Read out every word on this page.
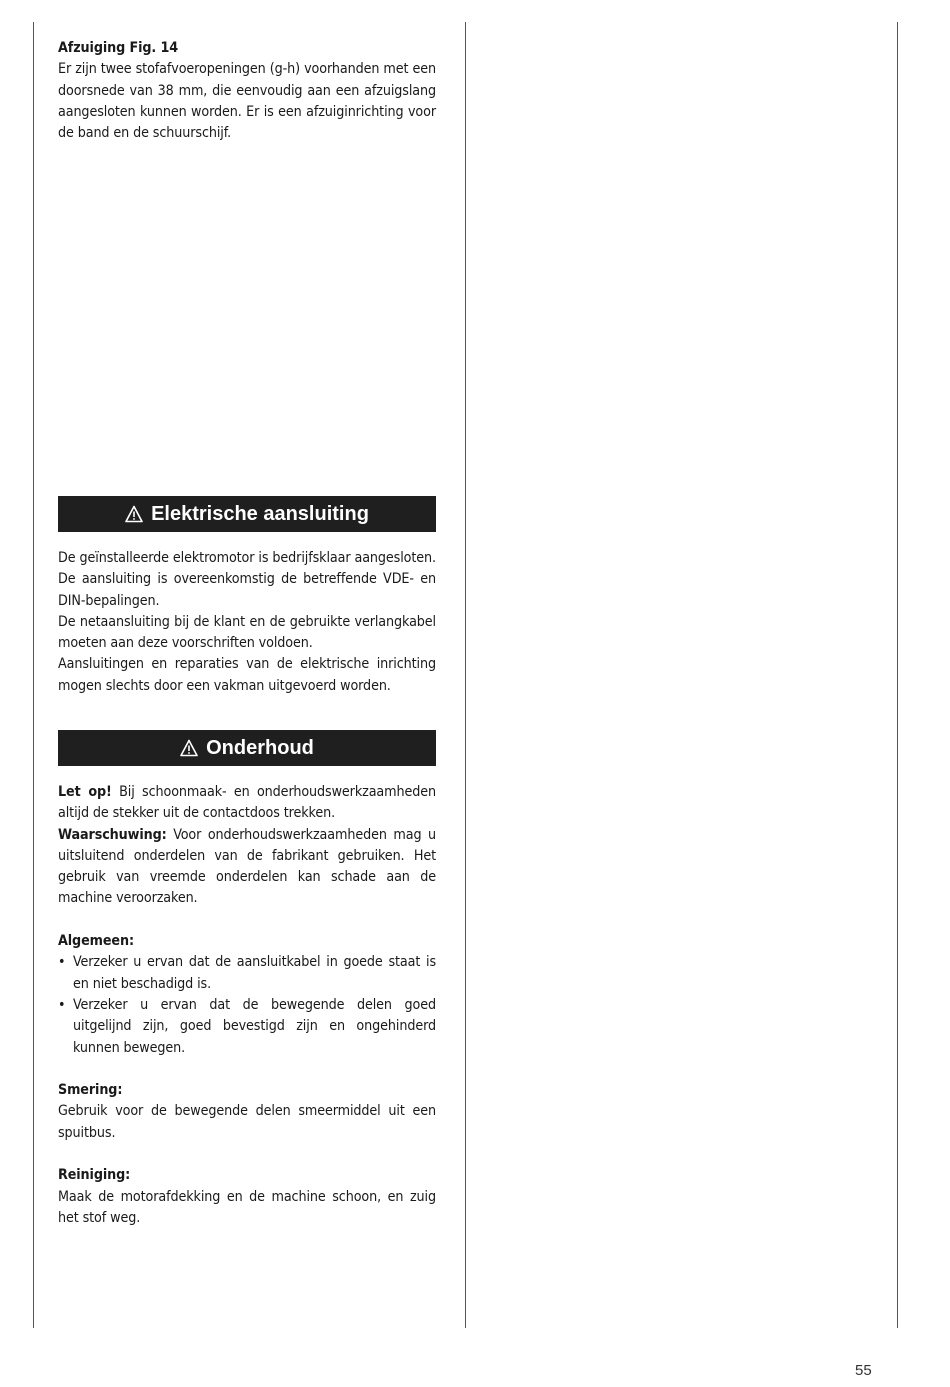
Afzuiging Fig. 14

Er zijn twee stofafvoeropeningen (g-h) voorhanden met een doorsnede van 38 mm, die eenvoudig aan een afzuigslang aangesloten kunnen worden. Er is een afzuiginrichting voor de band en de schuurschijf.

Elektrische aansluiting

De geïnstalleerde elektromotor is bedrijfsklaar aangesloten. De aansluiting is overeenkomstig de betreffende VDE- en DIN-bepalingen.

De netaansluiting bij de klant en de gebruikte verlangkabel moeten aan deze voorschriften voldoen.

Aansluitingen en reparaties van de elektrische inrichting mogen slechts door een vakman uitgevoerd worden.

Onderhoud

Let op! Bij schoonmaak- en onderhoudswerkzaamheden altijd de stekker uit de contactdoos trekken.

Waarschuwing: Voor onderhoudswerkzaamheden mag u uitsluitend onderdelen van de fabrikant gebruiken. Het gebruik van vreemde onderdelen kan schade aan de machine veroorzaken.

Algemeen:

• Verzeker u ervan dat de aansluitkabel in goede staat is en niet beschadigd is.
• Verzeker u ervan dat de bewegende delen goed uitgelijnd zijn, goed bevestigd zijn en ongehinderd kunnen bewegen.

Smering:

Gebruik voor de bewegende delen smeermiddel uit een spuitbus.

Reiniging:

Maak de motorafdekking en de machine schoon, en zuig het stof weg.

55
